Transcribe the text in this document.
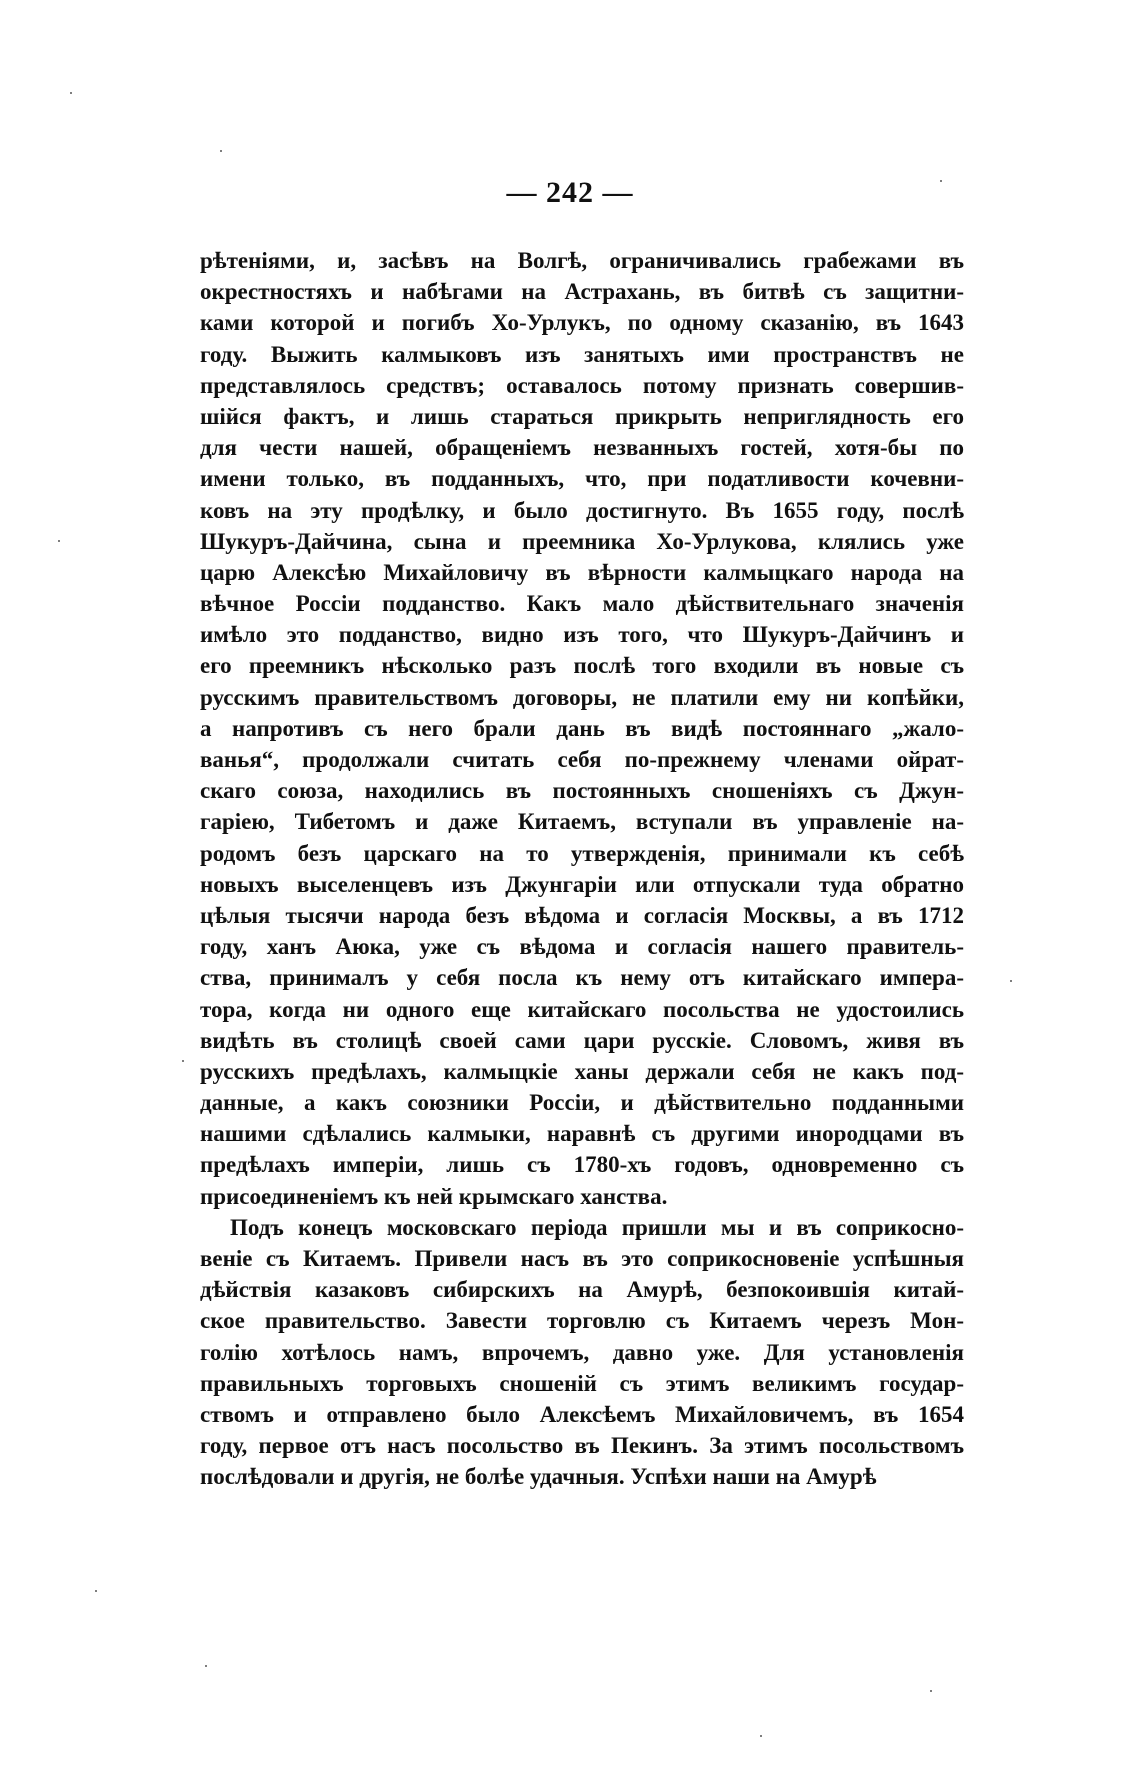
— 242 —
рѣтеніями, и, засѣвъ на Волгѣ, ограничивались грабежами въ
окрестностяхъ и набѣгами на Астрахань, въ битвѣ съ защитни-
ками которой и погибъ Хо-Урлукъ, по одному сказанію, въ 1643
году. Выжить калмыковъ изъ занятыхъ ими пространствъ не
представлялось средствъ; оставалось потому признать совершив-
шійся фактъ, и лишь стараться прикрыть неприглядность его
для чести нашей, обращеніемъ незванныхъ гостей, хотя-бы по
имени только, въ подданныхъ, что, при податливости кочевни-
ковъ на эту продѣлку, и было достигнуто. Въ 1655 году, послѣ
Шукуръ-Дайчина, сына и преемника Хо-Урлукова, клялись уже
царю Алексѣю Михайловичу въ вѣрности калмыцкаго народа на
вѣчное Россіи подданство. Какъ мало дѣйствительнаго значенія
имѣло это подданство, видно изъ того, что Шукуръ-Дайчинъ и
его преемникъ нѣсколько разъ послѣ того входили въ новые съ
русскимъ правительствомъ договоры, не платили ему ни копѣйки,
а напротивъ съ него брали дань въ видѣ постояннаго „жало-
ванья“, продолжали считать себя по-прежнему членами ойрат-
скаго союза, находились въ постоянныхъ сношеніяхъ съ Джун-
гаріею, Тибетомъ и даже Китаемъ, вступали въ управленіе на-
родомъ безъ царскаго на то утвержденія, принимали къ себѣ
новыхъ выселенцевъ изъ Джунгаріи или отпускали туда обратно
цѣлыя тысячи народа безъ вѣдома и согласія Москвы, а въ 1712
году, ханъ Аюка, уже съ вѣдома и согласія нашего правитель-
ства, принималъ у себя посла къ нему отъ китайскаго импера-
тора, когда ни одного еще китайскаго посольства не удостоились
видѣть въ столицѣ своей сами цари русскіе. Словомъ, живя въ
русскихъ предѣлахъ, калмыцкіе ханы держали себя не какъ под-
данные, а какъ союзники Россіи, и дѣйствительно подданными
нашими сдѣлались калмыки, наравнѣ съ другими инородцами въ
предѣлахъ имперіи, лишь съ 1780-хъ годовъ, одновременно съ
присоединеніемъ къ ней крымскаго ханства.
Подъ конецъ московскаго періода пришли мы и въ соприкосно-
веніе съ Китаемъ. Привели насъ въ это соприкосновеніе успѣшныя
дѣйствія казаковъ сибирскихъ на Амурѣ, безпокоившія китай-
ское правительство. Завести торговлю съ Китаемъ черезъ Мон-
голію хотѣлось намъ, впрочемъ, давно уже. Для установленія
правильныхъ торговыхъ сношеній съ этимъ великимъ государ-
ствомъ и отправлено было Алексѣемъ Михайловичемъ, въ 1654
году, первое отъ насъ посольство въ Пекинъ. За этимъ посольствомъ
послѣдовали и другія, не болѣе удачныя. Успѣхи наши на Амурѣ
